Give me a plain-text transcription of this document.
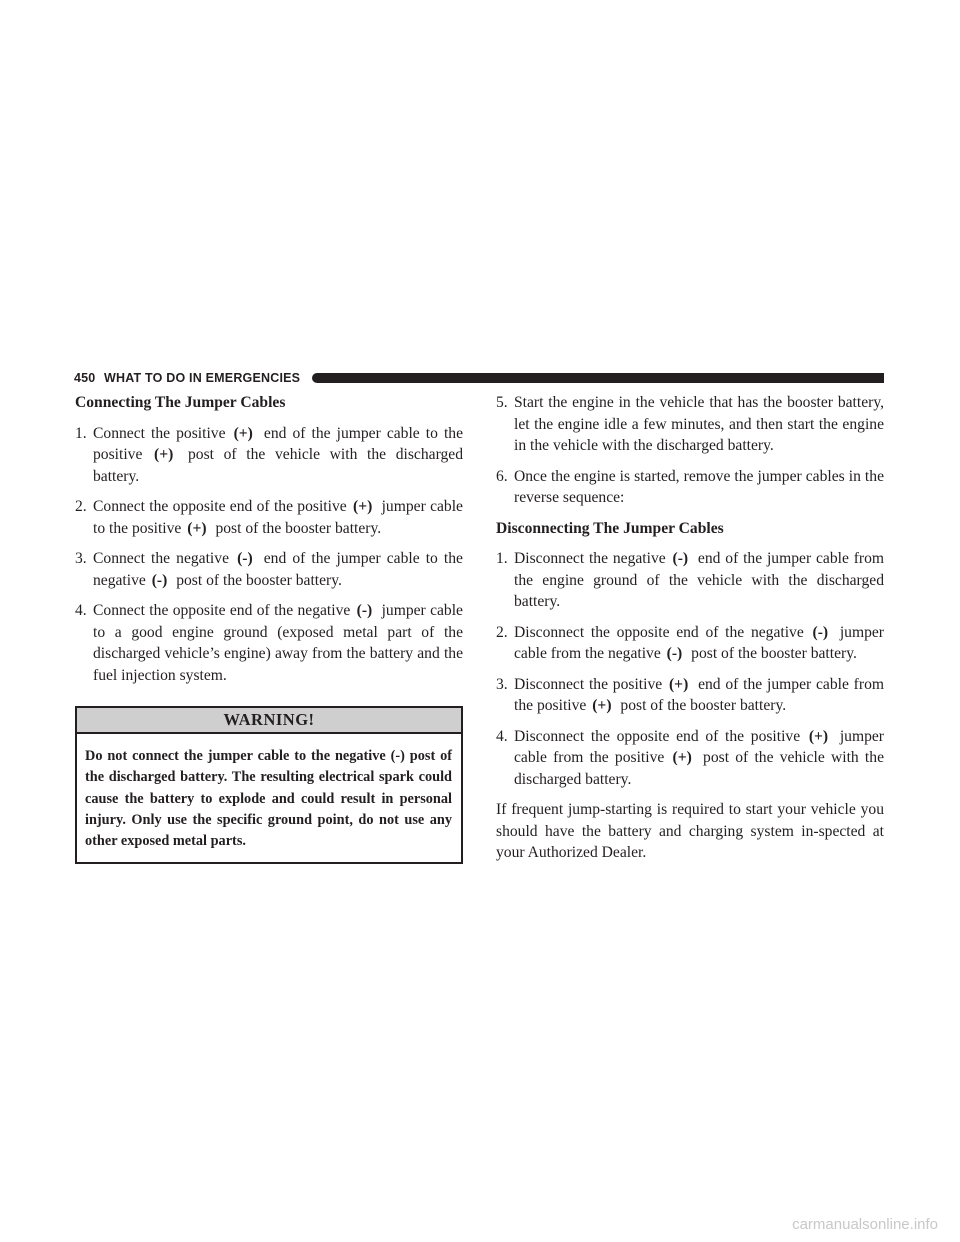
450 WHAT TO DO IN EMERGENCIES

Connecting The Jumper Cables

1. Connect the positive (+) end of the jumper cable to the positive (+) post of the vehicle with the discharged battery.
2. Connect the opposite end of the positive (+) jumper cable to the positive (+) post of the booster battery.
3. Connect the negative (-) end of the jumper cable to the negative (-) post of the booster battery.
4. Connect the opposite end of the negative (-) jumper cable to a good engine ground (exposed metal part of the discharged vehicle’s engine) away from the battery and the fuel injection system.
WARNING!
Do not connect the jumper cable to the negative (-) post of the discharged battery. The resulting electrical spark could cause the battery to explode and could result in personal injury. Only use the specific ground point, do not use any other exposed metal parts.
5. Start the engine in the vehicle that has the booster battery, let the engine idle a few minutes, and then start the engine in the vehicle with the discharged battery.
6. Once the engine is started, remove the jumper cables in the reverse sequence:

Disconnecting The Jumper Cables

1. Disconnect the negative (-) end of the jumper cable from the engine ground of the vehicle with the discharged battery.
2. Disconnect the opposite end of the negative (-) jumper cable from the negative (-) post of the booster battery.
3. Disconnect the positive (+) end of the jumper cable from the positive (+) post of the booster battery.
4. Disconnect the opposite end of the positive (+) jumper cable from the positive (+) post of the vehicle with the discharged battery.

If frequent jump-starting is required to start your vehicle you should have the battery and charging system in-spected at your Authorized Dealer.

carmanualsonline.info
